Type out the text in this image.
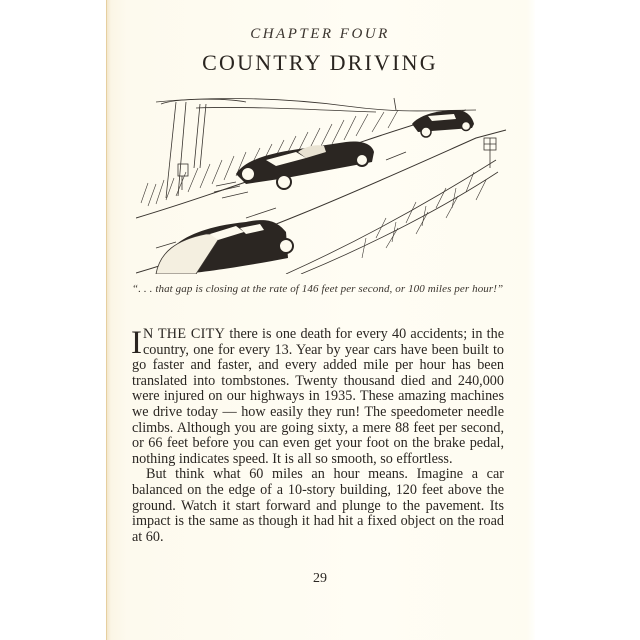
CHAPTER FOUR
COUNTRY DRIVING
“. . . that gap is closing at the rate of 146 feet per second, or 100 miles per hour!”

I N THE CITY there is one death for every 40 accidents; in the country, one for every 13. Year by year cars have been built to go faster and faster, and every added mile per hour has been translated into tombstones. Twenty thousand died and 240,000 were injured on our highways in 1935. These amazing machines we drive today — how easily they run! The speedometer needle climbs. Although you are going sixty, a mere 88 feet per second, or 66 feet before you can even get your foot on the brake pedal, nothing indicates speed. It is all so smooth, so effortless.

But think what 60 miles an hour means. Imagine a car balanced on the edge of a 10-story building, 120 feet above the ground. Watch it start forward and plunge to the pavement. Its impact is the same as though it had hit a fixed object on the road at 60.

29
